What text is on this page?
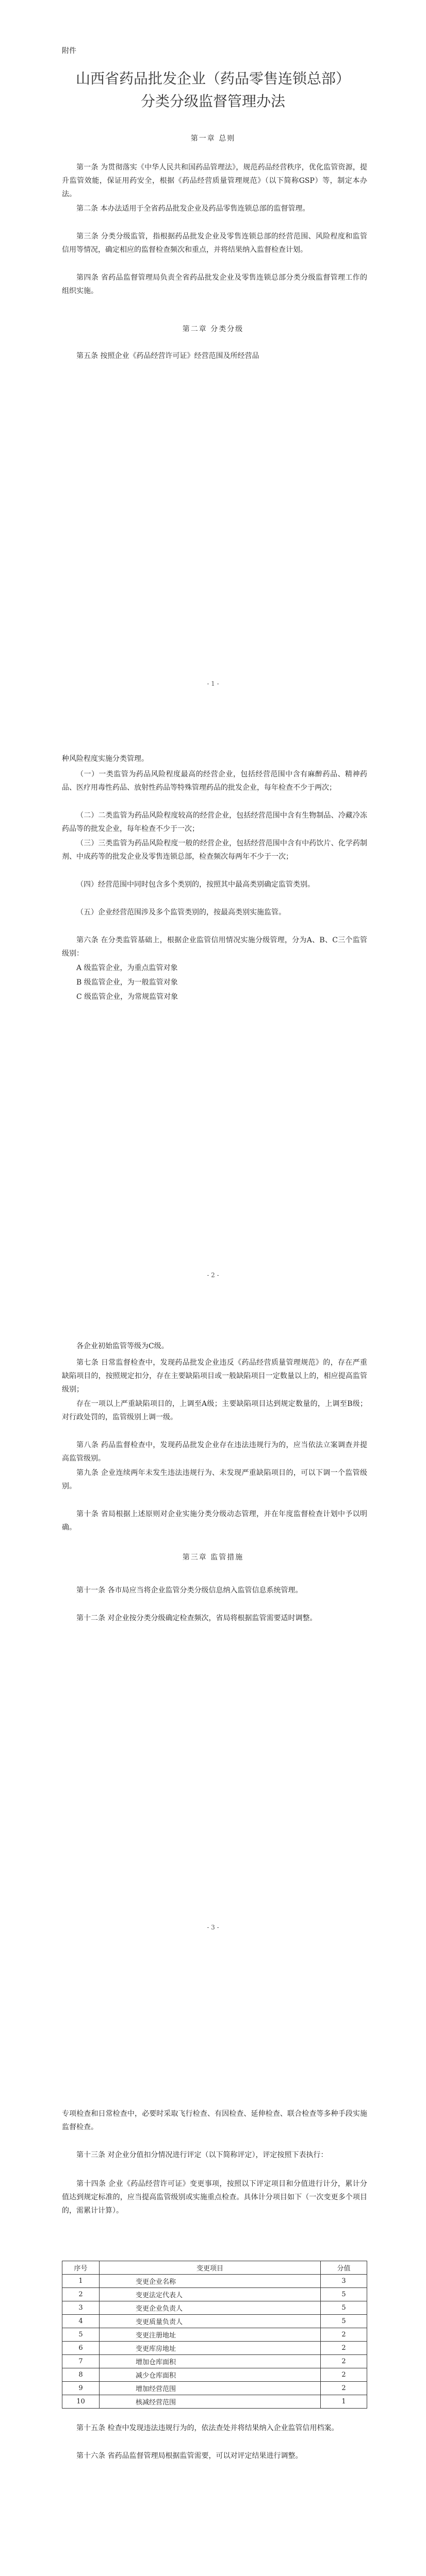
附件
山西省药品批发企业（药品零售连锁总部）
分类分级监督管理办法
第一章 总则
第一条 为贯彻落实《中华人民共和国药品管理法》，规范药品经营秩序，优化监管资源，提升监管效能，保证用药安全，根据《药品经营质量管理规范》（以下简称GSP）等，制定本办法。
第二条 本办法适用于全省药品批发企业及药品零售连锁总部的监督管理。
第三条 分类分级监管，指根据药品批发企业及零售连锁总部的经营范围、风险程度和监管信用等情况，确定相应的监督检查频次和重点，并将结果纳入监督检查计划。
第四条 省药品监督管理局负责全省药品批发企业及零售连锁总部分类分级监督管理工作的组织实施。
第二章 分类分级
第五条 按照企业《药品经营许可证》经营范围及所经营品
- 1 -
种风险程度实施分类管理。
（一）一类监管为药品风险程度最高的经营企业，包括经营范围中含有麻醉药品、精神药品、医疗用毒性药品、放射性药品等特殊管理药品的批发企业，每年检查不少于两次；
（二）二类监管为药品风险程度较高的经营企业，包括经营范围中含有生物制品、冷藏冷冻药品等的批发企业，每年检查不少于一次；
（三）三类监管为药品风险程度一般的经营企业，包括经营范围中含有中药饮片、化学药制剂、中成药等的批发企业及零售连锁总部，检查频次每两年不少于一次；
（四）经营范围中同时包含多个类别的，按照其中最高类别确定监管类别。
（五）企业经营范围涉及多个监管类别的，按最高类别实施监管。
第六条 在分类监管基础上，根据企业监管信用情况实施分级管理，分为A、B、C三个监管级别：
A 级监管企业，为重点监管对象
B 级监管企业，为一般监管对象
C 级监管企业，为常规监管对象
- 2 -
各企业初始监管等级为C级。
第七条 日常监督检查中，发现药品批发企业违反《药品经营质量管理规范》的，存在严重缺陷项目的，按照规定扣分，存在主要缺陷项目或一般缺陷项目一定数量以上的，相应提高监管级别；
存在一项以上严重缺陷项目的，上调至A级；主要缺陷项目达到规定数量的，上调至B级；对行政处罚的，监管级别上调一级。
第八条 药品监督检查中，发现药品批发企业存在违法违规行为的，应当依法立案调查并提高监管级别。
第九条 企业连续两年未发生违法违规行为、未发现严重缺陷项目的，可以下调一个监管级别。
第十条 省局根据上述原则对企业实施分类分级动态管理，并在年度监督检查计划中予以明确。
第三章 监管措施
第十一条 各市局应当将企业监管分类分级信息纳入监管信息系统管理。
第十二条 对企业按分类分级确定检查频次，省局将根据监管需要适时调整。
- 3 -
专项检查和日常检查中，必要时采取飞行检查、有因检查、延伸检查、联合检查等多种手段实施监督检查。
第十三条 对企业分值扣分情况进行评定（以下简称评定），评定按照下表执行：
第十四条 企业《药品经营许可证》变更事项，按照以下评定项目和分值进行计分，累计分值达到规定标准的，应当提高监管级别或实施重点检查。具体计分项目如下（一次变更多个项目的，需累计计算）。
序号	变更项目	分值
1	变更企业名称	3
2	变更法定代表人	5
3	变更企业负责人	5
4	变更质量负责人	5
5	变更注册地址	2
6	变更库房地址	2
7	增加仓库面积	2
8	减少仓库面积	2
9	增加经营范围	2
10	核减经营范围	1
第十五条 检查中发现违法违规行为的，依法查处并将结果纳入企业监管信用档案。
第十六条 省药品监督管理局根据监管需要，可以对评定结果进行调整。
